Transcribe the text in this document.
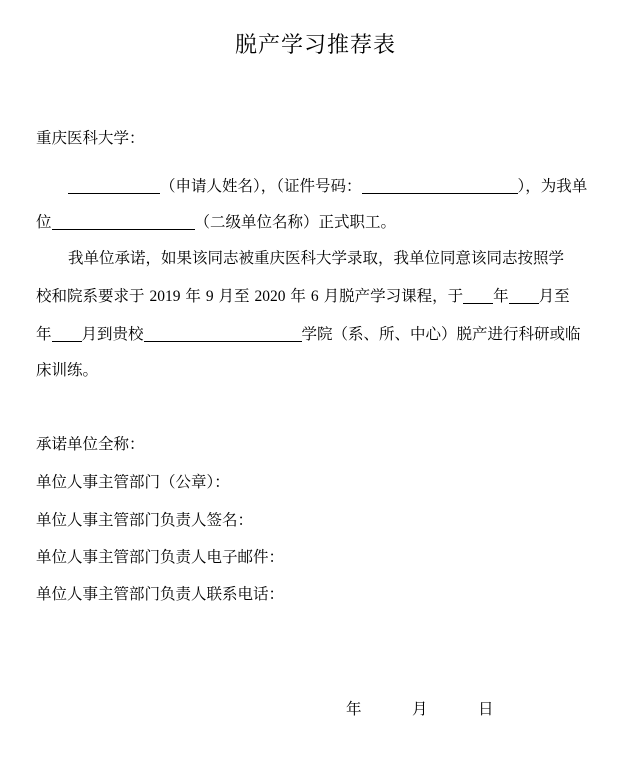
脱产学习推荐表
重庆医科大学：
（申请人姓名），（证件号码：	），为我单
位	（二级单位名称）正式职工。
我单位承诺，如果该同志被重庆医科大学录取，我单位同意该同志按照学
校和院系要求于 2019 年 9 月至 2020 年 6 月脱产学习课程，于 年 月至
年 月到贵校	学院（系、所、中心）脱产进行科研或临
床训练。
承诺单位全称：
单位人事主管部门（公章）：
单位人事主管部门负责人签名：
单位人事主管部门负责人电子邮件：
单位人事主管部门负责人联系电话：
年	月	日
